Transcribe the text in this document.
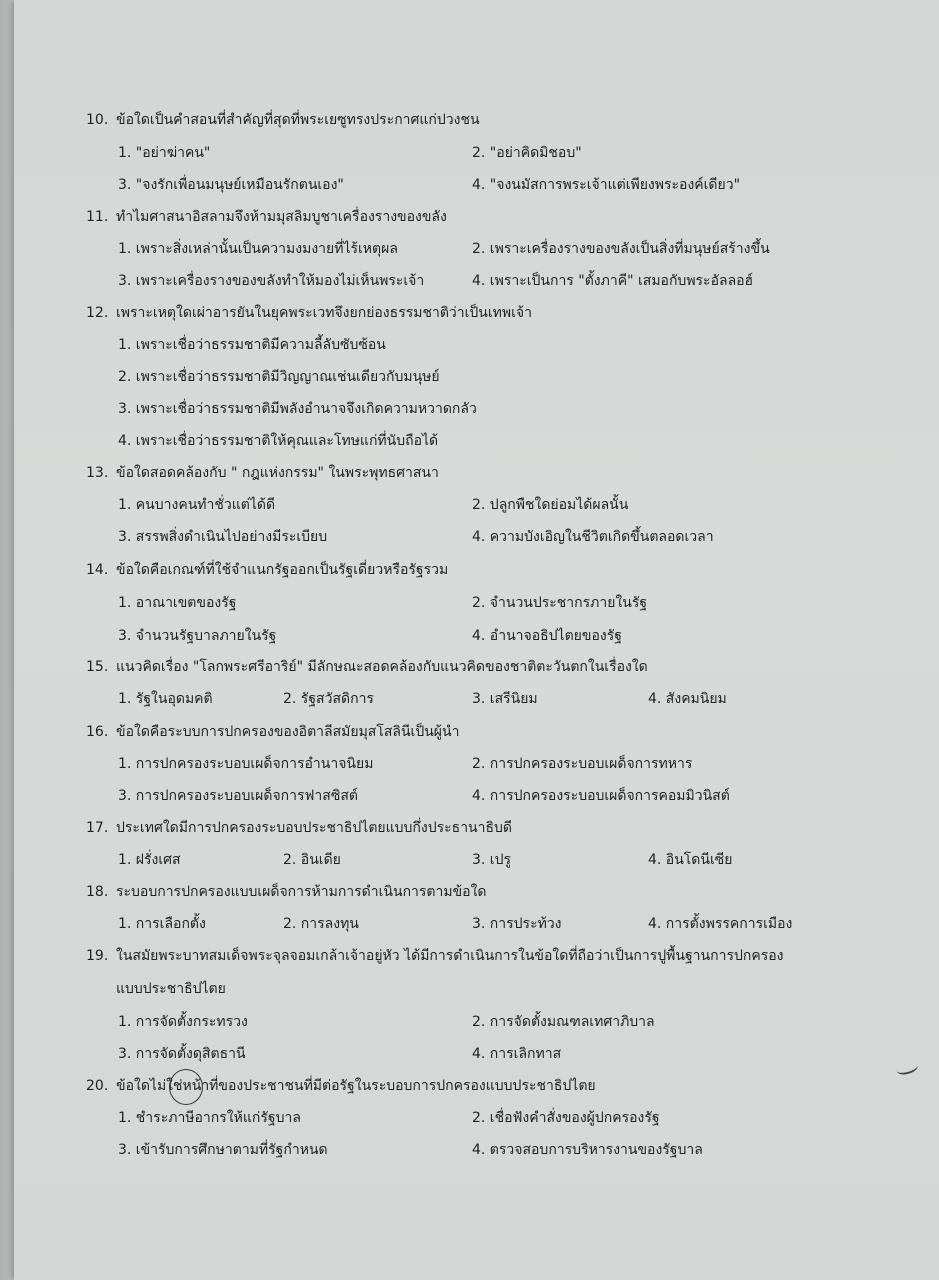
10. ข้อใดเป็นคำสอนที่สำคัญที่สุดที่พระเยซูทรงประกาศแก่ปวงชน
1. "อย่าฆ่าคน"	2. "อย่าคิดมิชอบ"
3. "จงรักเพื่อนมนุษย์เหมือนรักตนเอง"	4. "จงนมัสการพระเจ้าแต่เพียงพระองค์เดียว"
11. ทำไมศาสนาอิสลามจึงห้ามมุสลิมบูชาเครื่องรางของขลัง
1. เพราะสิ่งเหล่านั้นเป็นความงมงายที่ไร้เหตุผล	2. เพราะเครื่องรางของขลังเป็นสิ่งที่มนุษย์สร้างขึ้น
3. เพราะเครื่องรางของขลังทำให้มองไม่เห็นพระเจ้า	4. เพราะเป็นการ "ตั้งภาคี" เสมอกับพระอัลลอฮ์
12. เพราะเหตุใดเผ่าอารยันในยุคพระเวทจึงยกย่องธรรมชาติว่าเป็นเทพเจ้า
1. เพราะเชื่อว่าธรรมชาติมีความลี้ลับซับซ้อน
2. เพราะเชื่อว่าธรรมชาติมีวิญญาณเช่นเดียวกับมนุษย์
3. เพราะเชื่อว่าธรรมชาติมีพลังอำนาจจึงเกิดความหวาดกลัว
4. เพราะเชื่อว่าธรรมชาติให้คุณและโทษแก่ที่นับถือได้
13. ข้อใดสอดคล้องกับ " กฎแห่งกรรม" ในพระพุทธศาสนา
1. คนบางคนทำชั่วแต่ได้ดี	2. ปลูกพืชใดย่อมได้ผลนั้น
3. สรรพสิ่งดำเนินไปอย่างมีระเบียบ	4. ความบังเอิญในชีวิตเกิดขึ้นตลอดเวลา
14. ข้อใดคือเกณฑ์ที่ใช้จำแนกรัฐออกเป็นรัฐเดี่ยวหรือรัฐรวม
1. อาณาเขตของรัฐ	2. จำนวนประชากรภายในรัฐ
3. จำนวนรัฐบาลภายในรัฐ	4. อำนาจอธิปไตยของรัฐ
15. แนวคิดเรื่อง "โลกพระศรีอาริย์" มีลักษณะสอดคล้องกับแนวคิดของชาติตะวันตกในเรื่องใด
1. รัฐในอุดมคติ	2. รัฐสวัสดิการ	3. เสรีนิยม	4. สังคมนิยม
16. ข้อใดคือระบบการปกครองของอิตาลีสมัยมุสโสลินีเป็นผู้นำ
1. การปกครองระบอบเผด็จการอำนาจนิยม	2. การปกครองระบอบเผด็จการทหาร
3. การปกครองระบอบเผด็จการฟาสซิสต์	4. การปกครองระบอบเผด็จการคอมมิวนิสต์
17. ประเทศใดมีการปกครองระบอบประชาธิปไตยแบบกึ่งประธานาธิบดี
1. ฝรั่งเศส	2. อินเดีย	3. เปรู	4. อินโดนีเซีย
18. ระบอบการปกครองแบบเผด็จการห้ามการดำเนินการตามข้อใด
1. การเลือกตั้ง	2. การลงทุน	3. การประท้วง	4. การตั้งพรรคการเมือง
19. ในสมัยพระบาทสมเด็จพระจุลจอมเกล้าเจ้าอยู่หัว ได้มีการดำเนินการในข้อใดที่ถือว่าเป็นการปูพื้นฐานการปกครอง
แบบประชาธิปไตย
1. การจัดตั้งกระทรวง	2. การจัดตั้งมณฑลเทศาภิบาล
3. การจัดตั้งดุสิตธานี	4. การเลิกทาส
20. ข้อใดไม่ใช่หน้าที่ของประชาชนที่มีต่อรัฐในระบอบการปกครองแบบประชาธิปไตย
1. ชำระภาษีอากรให้แก่รัฐบาล	2. เชื่อฟังคำสั่งของผู้ปกครองรัฐ
3. เข้ารับการศึกษาตามที่รัฐกำหนด	4. ตรวจสอบการบริหารงานของรัฐบาล
